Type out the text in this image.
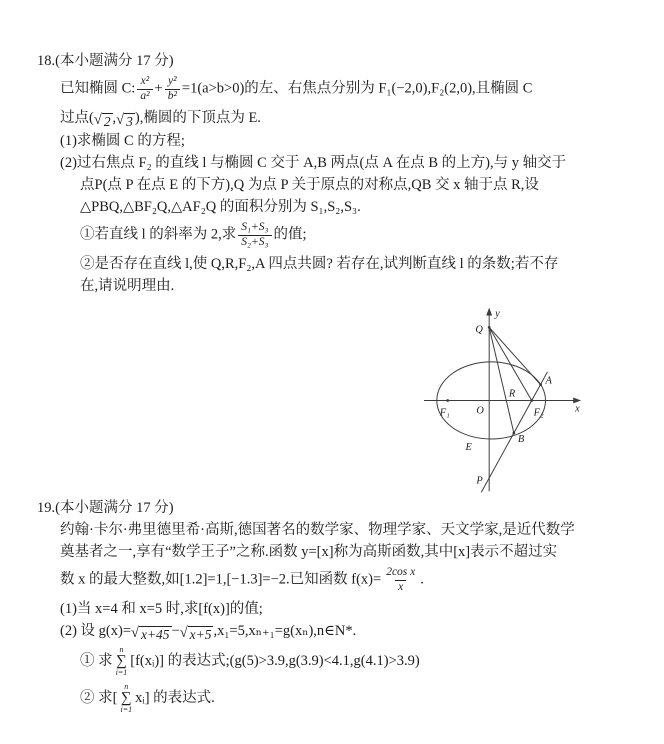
18.(本小题满分 17 分)
已知椭圆 C: $\frac{\text{x²}}{\text{a²}} + \frac{\text{y²}}{\text{b²}} =1(a>b>0)$的左、右焦点分别为 F₁(−2,0),F₂(2,0),且椭圆 C
过点( √ 2 , √ 3 ),椭圆的下顶点为 E.
(1)求椭圆 C 的方程;
(2)过右焦点 F₂ 的直线 l 与椭圆 C 交于 A,B 两点(点 A 在点 B 的上方),与 y 轴交于
点P(点 P 在点 E 的下方),Q 为点 P 关于原点的对称点,QB 交 x 轴于点 R,设
△PBQ,△BF₂Q,△AF₂Q 的面积分别为 S₁,S₂,S₃.
①若直线 l 的斜率为 2,求 $\frac{\text{S₁+S₃}}{\text{S₂+S₃}}$ 的值;
②是否存在直线 l,使 Q,R,F₂,A 四点共圆? 若存在,试判断直线 l 的条数;若不存
在,请说明理由.
y
x
Q
A
R
O
F₁	F₂
E
B
P
19.(本小题满分 17 分)
约翰·卡尔·弗里德里希·高斯,德国著名的数学家、物理学家、天文学家,是近代数学
奠基者之一,享有“数学王子”之称.函数 y=[x]称为高斯函数,其中[x]表示不超过实
数 x 的最大整数,如[1.2]=1,[−1.3]=−2.已知函数 $f(x)= \frac{\text{2cos x}}{x}$ .
(1)当 x=4 和 x=5 时,求[f(x)]的值;
(2) 设 g(x)= √ x+45 − √ x+5 ,x₁=5,xₙ₊₁=g(xₙ),n∈N*.
① 求
n
∑
i=1
[f(xᵢ)] 的表达式;(g(5)>3.9,g(3.9)<4.1,g(4.1)>3.9)
② 求[
n
∑
i=1
xᵢ] 的表达式.
